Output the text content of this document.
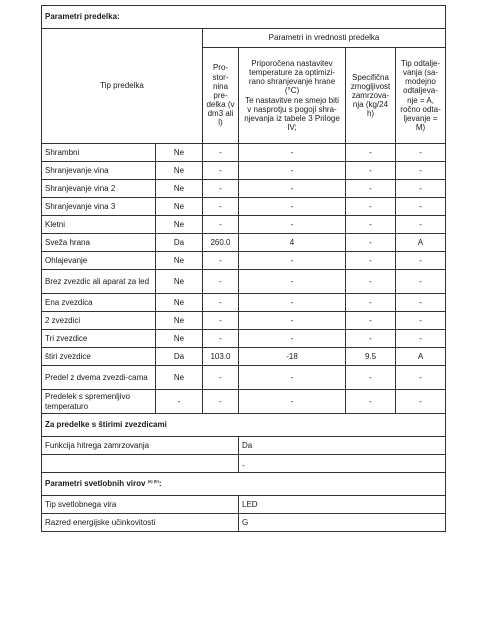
Parametri predelka:					
Tip predelka		Parametri in vrednosti predelka			
		Pro-stor-nina pre-delka (v dm3 ali l)	Priporočena nastavitev temperature za optimizi-rano shranjevanje hrane (°C)
Te nastavitve ne smejo biti v nasprotju s pogoji shra-njevanja iz tabele 3 Priloge IV;	Specifična zmogljivost zamrzova-nja (kg/24 h)	Tip odtalje-vanja (sa-modejno odtaljeva-nje = A, ročno odta-ljevanje = M)
Shrambni	Ne	-	-	-	-
Shranjevanje vina	Ne	-	-	-	-
Shranjevanje vina 2	Ne	-	-	-	-
Shranjevanje vina 3	Ne	-	-	-	-
Kletni	Ne	-	-	-	-
Sveža hrana	Da	260.0	4	-	A
Ohlajevanje	Ne	-	-	-	-
Brez zvezdic ali aparat za led	Ne	-	-	-	-
Ena zvezdica	Ne	-	-	-	-
2 zvezdici	Ne	-	-	-	-
Tri zvezdice	Ne	-	-	-	-
štiri zvezdice	Da	103.0	-18	9.5	A
Predel z dvema zvezdi-cama	Ne	-	-	-	-
Predelek s spremenljivo temperaturo	-	-	-	-	-
Za predelke s štirimi zvezdicami					
Funkcija hitrega zamrzovanja			Da		
			-		
Parametri svetlobnih virov $^{(a) (b)}$:					
Tip svetlobnega vira			LED		
Razred energijske učinkovitosti			G		
